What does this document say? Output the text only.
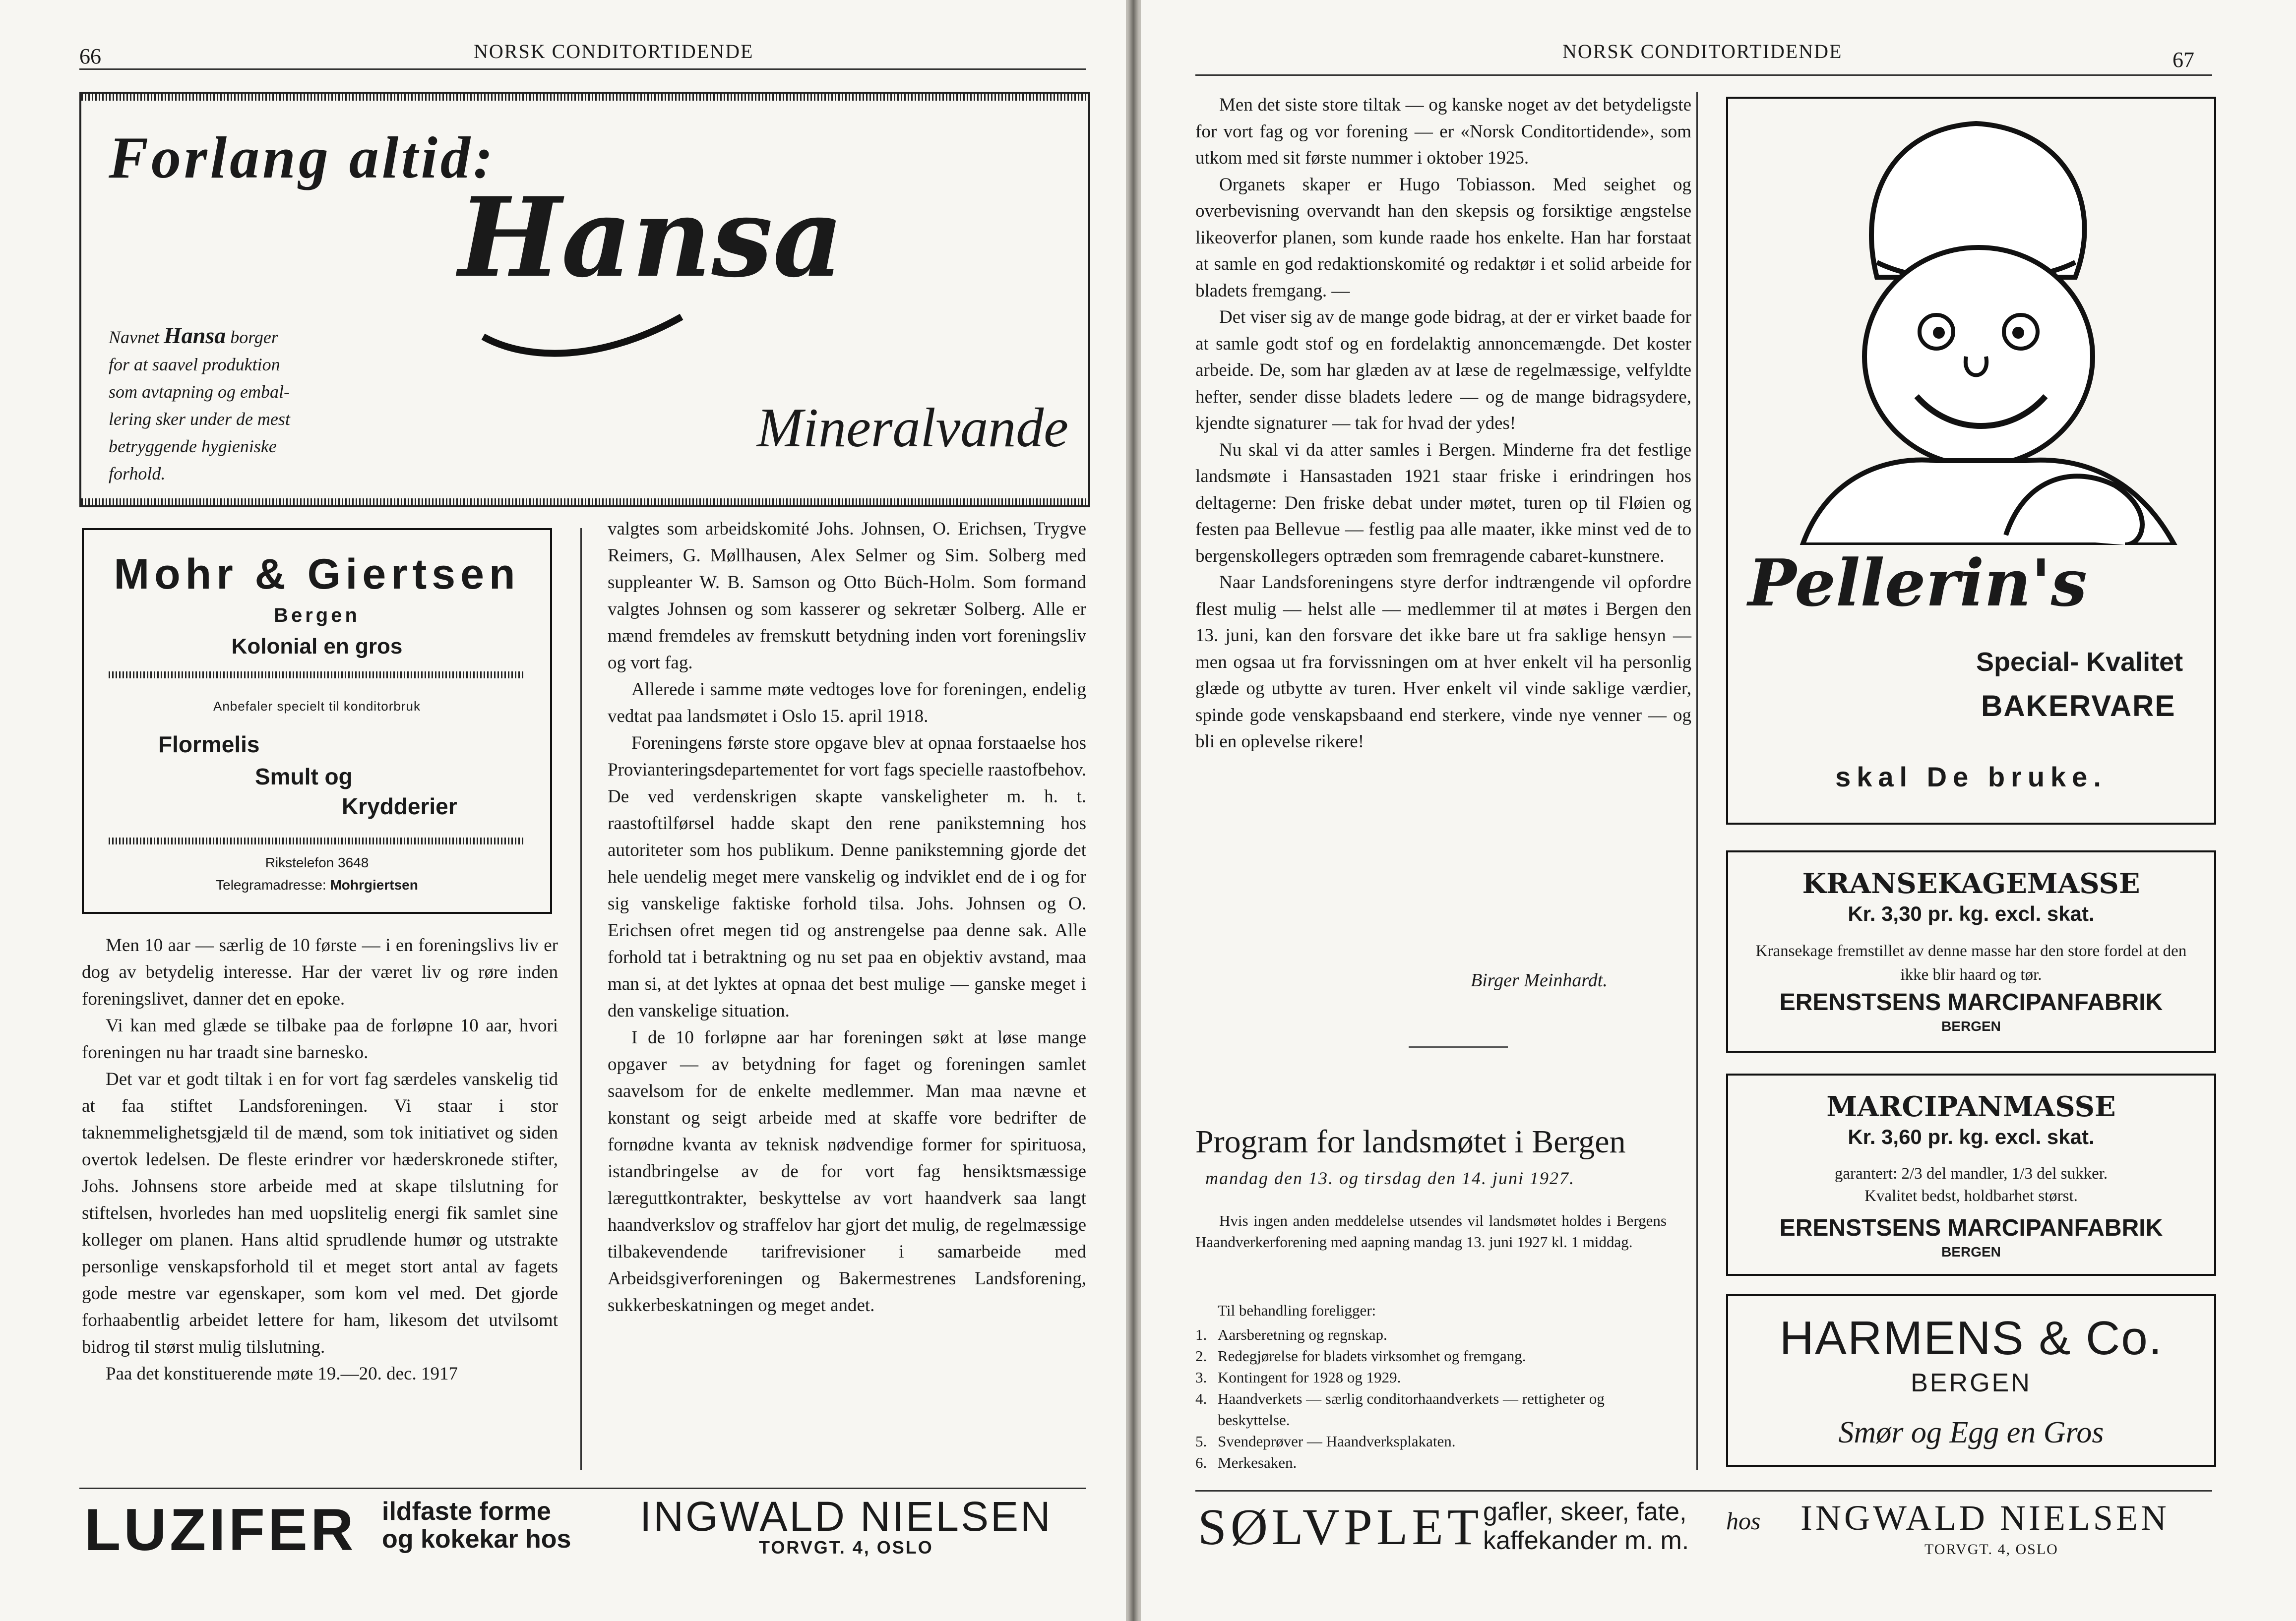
66	NORSK CONDITORTIDENDE
Forlang altid:
Hansa
Navnet Hansa borger
for at saavel produktion
som avtapning og embal-
lering sker under de mest
betryggende hygieniske
forhold.
Mineralvande
Mohr & Giertsen
Bergen
Kolonial en gros
Anbefaler specielt til konditorbruk
Flormelis
Smult og
Krydderier
Rikstelefon 3648
Telegramadresse: Mohrgiertsen

Men 10 aar — særlig de 10 første — i en foreningslivs liv er dog av betydelig interesse. Har der været liv og røre inden foreningslivet, danner det en epoke.

Vi kan med glæde se tilbake paa de forløpne 10 aar, hvori foreningen nu har traadt sine barnesko.

Det var et godt tiltak i en for vort fag særdeles vanskelig tid at faa stiftet Landsforeningen. Vi staar i stor taknemmelighetsgjæld til de mænd, som tok initiativet og siden overtok ledelsen. De fleste erindrer vor hæderskronede stifter, Johs. Johnsens store arbeide med at skape tilslutning for stiftelsen, hvorledes han med uopslitelig energi fik samlet sine kolleger om planen. Hans altid sprudlende humør og utstrakte personlige venskapsforhold til et meget stort antal av fagets gode mestre var egenskaper, som kom vel med. Det gjorde forhaabentlig arbeidet lettere for ham, likesom det utvilsomt bidrog til størst mulig tilslutning.

Paa det konstituerende møte 19.—20. dec. 1917

valgtes som arbeidskomité Johs. Johnsen, O. Erichsen, Trygve Reimers, G. Møllhausen, Alex Selmer og Sim. Solberg med suppleanter W. B. Samson og Otto Büch-Holm. Som formand valgtes Johnsen og som kasserer og sekretær Solberg. Alle er mænd fremdeles av fremskutt betydning inden vort foreningsliv og vort fag.

Allerede i samme møte vedtoges love for foreningen, endelig vedtat paa landsmøtet i Oslo 15. april 1918.

Foreningens første store opgave blev at opnaa forstaaelse hos Provianteringsdepartementet for vort fags specielle raastofbehov. De ved verdenskrigen skapte vanskeligheter m. h. t. raastoftilførsel hadde skapt den rene panikstemning hos autoriteter som hos publikum. Denne panikstemning gjorde det hele uendelig meget mere vanskelig og indviklet end de i og for sig vanskelige faktiske forhold tilsa. Johs. Johnsen og O. Erichsen ofret megen tid og anstrengelse paa denne sak. Alle forhold tat i betraktning og nu set paa en objektiv avstand, maa man si, at det lyktes at opnaa det best mulige — ganske meget i den vanskelige situation.

I de 10 forløpne aar har foreningen søkt at løse mange opgaver — av betydning for faget og foreningen samlet saavelsom for de enkelte medlemmer. Man maa nævne et konstant og seigt arbeide med at skaffe vore bedrifter de fornødne kvanta av teknisk nødvendige former for spirituosa, istandbringelse av de for vort fag hensiktsmæssige læreguttkontrakter, beskyttelse av vort haandverk saa langt haandverkslov og straffelov har gjort det mulig, de regelmæssige tilbakevendende tarifrevisioner i samarbeide med Arbeidsgiverforeningen og Bakermestrenes Landsforening, sukkerbeskatningen og meget andet.

LUZIFER ildfaste forme
og kokekar hos INGWALD NIELSEN
TORVGT. 4, OSLO
NORSK CONDITORTIDENDE	67

Men det siste store tiltak — og kanske noget av det betydeligste for vort fag og vor forening — er «Norsk Conditortidende», som utkom med sit første nummer i oktober 1925.

Organets skaper er Hugo Tobiasson. Med seighet og overbevisning overvandt han den skepsis og forsiktige ængstelse likeoverfor planen, som kunde raade hos enkelte. Han har forstaat at samle en god redaktionskomité og redaktør i et solid arbeide for bladets fremgang. —

Det viser sig av de mange gode bidrag, at der er virket baade for at samle godt stof og en fordelaktig annoncemængde. Det koster arbeide. De, som har glæden av at læse de regelmæssige, velfyldte hefter, sender disse bladets ledere — og de mange bidragsydere, kjendte signaturer — tak for hvad der ydes!

Nu skal vi da atter samles i Bergen. Minderne fra det festlige landsmøte i Hansastaden 1921 staar friske i erindringen hos deltagerne: Den friske debat under møtet, turen op til Fløien og festen paa Bellevue — festlig paa alle maater, ikke minst ved de to bergenskollegers optræden som fremragende cabaret-kunstnere.

Naar Landsforeningens styre derfor indtrængende vil opfordre flest mulig — helst alle — medlemmer til at møtes i Bergen den 13. juni, kan den forsvare det ikke bare ut fra saklige hensyn — men ogsaa ut fra forvissningen om at hver enkelt vil ha personlig glæde og utbytte av turen. Hver enkelt vil vinde saklige værdier, spinde gode venskapsbaand end sterkere, vinde nye venner — og bli en oplevelse rikere!

Birger Meinhardt.
Program for landsmøtet i Bergen
mandag den 13. og tirsdag den 14. juni 1927.
Hvis ingen anden meddelelse utsendes vil landsmøtet holdes i Bergens Haandverkerforening med aapning mandag 13. juni 1927 kl. 1 middag.
Til behandling foreligger:
1. Aarsberetning og regnskap.
2. Redegjørelse for bladets virksomhet og fremgang.
3. Kontingent for 1928 og 1929.
4. Haandverkets — særlig conditorhaandverkets — rettigheter og beskyttelse.
5. Svendeprøver — Haandverksplakaten.
6. Merkesaken.
Pellerin's
Special- Kvalitet
BAKERVARE
skal De bruke.
KRANSEKAGEMASSE
Kr. 3,30 pr. kg. excl. skat.
Kransekage fremstillet av denne masse har den store fordel at den ikke blir haard og tør.
ERENSTSENS MARCIPANFABRIK
BERGEN
MARCIPANMASSE
Kr. 3,60 pr. kg. excl. skat.
garantert: 2/3 del mandler, 1/3 del sukker.
Kvalitet bedst, holdbarhet størst.
ERENSTSENS MARCIPANFABRIK
BERGEN
HARMENS & Co.
BERGEN
Smør og Egg en Gros
SØLVPLET gafler, skeer, fate,
kaffekander m. m.
hos INGWALD NIELSEN
TORVGT. 4, OSLO
